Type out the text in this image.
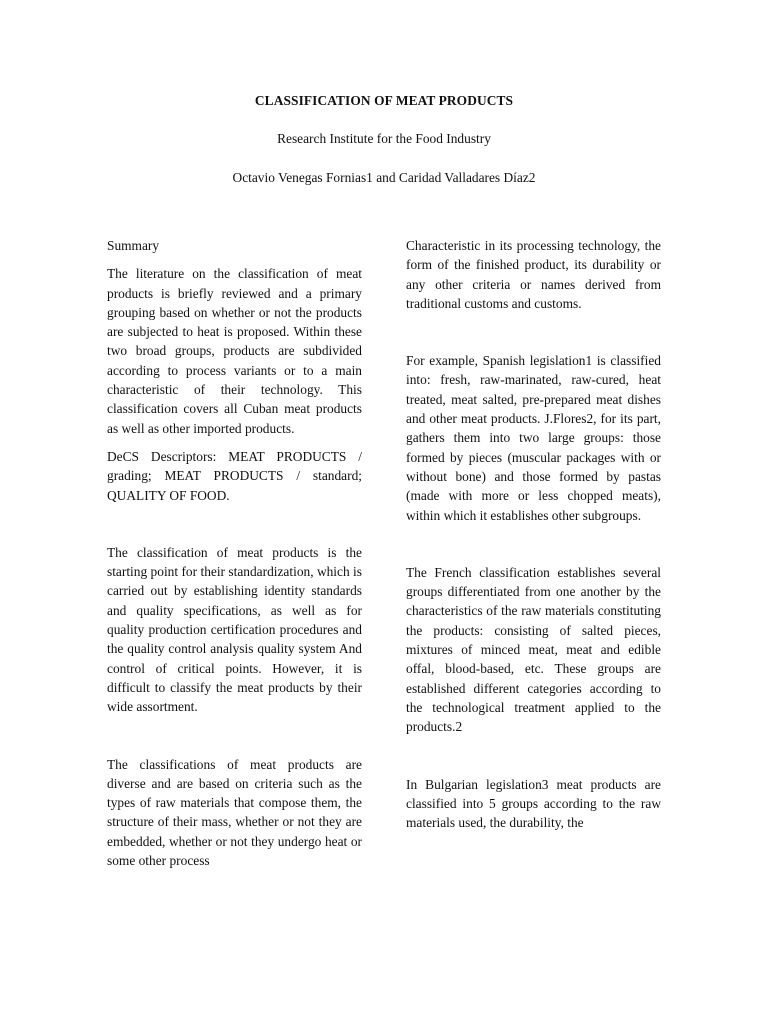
CLASSIFICATION OF MEAT PRODUCTS

Research Institute for the Food Industry

Octavio Venegas Fornias1 and Caridad Valladares Díaz2

Summary

The literature on the classification of meat products is briefly reviewed and a primary grouping based on whether or not the products are subjected to heat is proposed. Within these two broad groups, products are subdivided according to process variants or to a main characteristic of their technology. This classification covers all Cuban meat products as well as other imported products.

DeCS Descriptors: MEAT PRODUCTS / grading; MEAT PRODUCTS / standard; QUALITY OF FOOD.

The classification of meat products is the starting point for their standardization, which is carried out by establishing identity standards and quality specifications, as well as for quality production certification procedures and the quality control analysis quality system And control of critical points. However, it is difficult to classify the meat products by their wide assortment.

The classifications of meat products are diverse and are based on criteria such as the types of raw materials that compose them, the structure of their mass, whether or not they are embedded, whether or not they undergo heat or some other process

Characteristic in its processing technology, the form of the finished product, its durability or any other criteria or names derived from traditional customs and customs.

For example, Spanish legislation1 is classified into: fresh, raw-marinated, raw-cured, heat treated, meat salted, pre-prepared meat dishes and other meat products. J.Flores2, for its part, gathers them into two large groups: those formed by pieces (muscular packages with or without bone) and those formed by pastas (made with more or less chopped meats), within which it establishes other subgroups.

The French classification establishes several groups differentiated from one another by the characteristics of the raw materials constituting the products: consisting of salted pieces, mixtures of minced meat, meat and edible offal, blood-based, etc. These groups are established different categories according to the technological treatment applied to the products.2

In Bulgarian legislation3 meat products are classified into 5 groups according to the raw materials used, the durability, the
